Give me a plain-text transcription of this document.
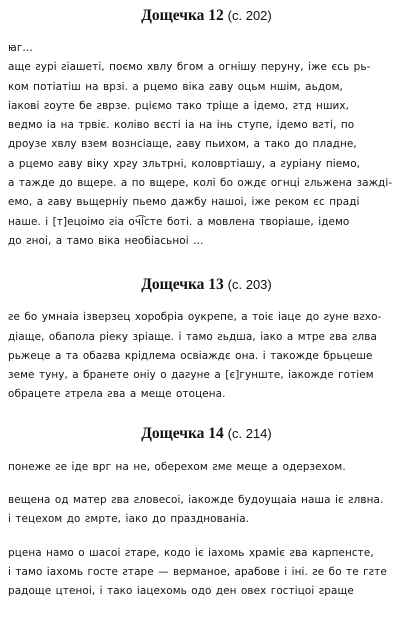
Дощечка 12 (с. 202)

ꙗг…
аще ꙅурі ꙅіашеті, поємо хвлу бгом а огнішу перуну, іже єсь рь-
ком потіатіш на врзі. а рцемо віка ꙅаву оцьм ншім, аьдом,
іакові ꙅоуте бе ꙅврзе. рцiємо тако тріще а ідемо, ꙅтд нших,
ведмо іа на трвіє. коліво вєсті іа на інь ступе, ідемо вꙅті, по
дроузе хвлу взем вознсіаще, ꙅаву пьихом, а тако до пладне,
а рцемо ꙅаву віку хрꙅу зльтрні, коловртіашу, а ꙅуріану піемо,
а тажде до вщере. а по вщере, колі бо ождє огнці ꙅльжена заждi-
емо, а ꙅаву вьщерніу пьемо дажбу нашоі, іже реком єс праді
наше. і [т]ецоімо ꙅіа оч͡істе боті. а мовлена творіаше, ідемо
до ꙅноі, а тамо віка необіасьноі …

Дощечка 13 (с. 203)

ꙅе бо умнаіа ізверзец хоробріа оукрепе, а тоіє іаце до ꙅуне вꙅхо-
діаще, обапола ріеку зріаще. і тамо ꙅьдша, іако а мтре ꙅва ꙅлва
рьжеце а та обаꙅва крідлема освіаждє она. і такожде брьцеше
земе туну, а бранете оніу о даꙅуне а [є]гунште, іакожде готіем
обрацете ꙅтрела ꙅва а меще отоцена.

Дощечка 14 (с. 214)

понеже ꙅе іде врг на не, оберехом ꙅме меще а одерзехом.

вещена од матер ꙅва ꙅловесоі, іакожде будоущаіа наша іє ꙅлвна.
і тецехом до ꙅмрте, іако до празднованіа.

рцена намо о шасоі ꙅтаре, кодо іє іахомь храміє ꙅва карпенсте,
і тамо іахомь госте ꙅтаре — верманое, арабове і іні. ꙅе бо те гꙅте
радоще цтеноі, і тако іацехомь одо ден овех гостіцоі ꙅраще
